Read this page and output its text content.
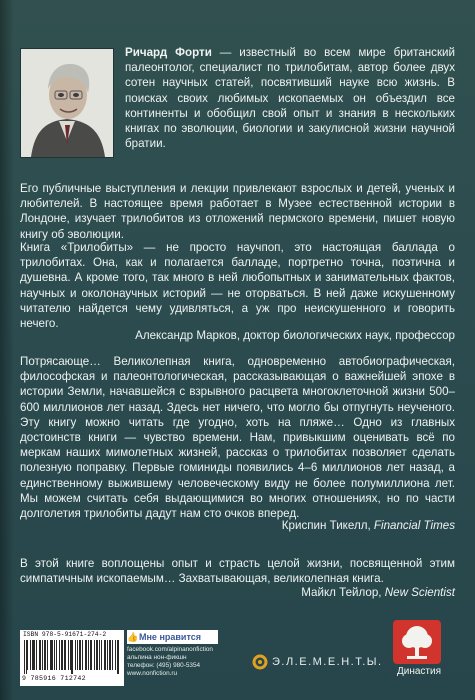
Ричард Форти — известный во всем мире британский палеонтолог, специалист по трилобитам, автор более двух сотен научных статей, посвятивший науке всю жизнь. В поисках своих любимых ископаемых он объездил все континенты и обобщил свой опыт и знания в нескольких книгах по эволюции, биологии и закулисной жизни научной братии.

Его публичные выступления и лекции привлекают взрослых и детей, ученых и любителей. В настоящее время работает в Музее естественной истории в Лондоне, изучает трилобитов из отложений пермского времени, пишет новую книгу об эволюции.

Книга «Трилобиты» — не просто научпоп, это настоящая баллада о трилобитах. Она, как и полагается балладе, портретно точна, поэтична и душевна. А кроме того, так много в ней любопытных и занимательных фактов, научных и околонаучных историй — не оторваться. В ней даже искушенному читателю найдется чему удивляться, а уж про неискушенного и говорить нечего.

Александр Марков, доктор биологических наук, профессор

Потрясающе… Великолепная книга, одновременно автобиографическая, философская и палеонтологическая, рассказывающая о важнейшей эпохе в истории Земли, начавшейся с взрывного расцвета многоклеточной жизни 500–600 миллионов лет назад. Здесь нет ничего, что могло бы отпугнуть неученого. Эту книгу можно читать где угодно, хоть на пляже… Одно из главных достоинств книги — чувство времени. Нам, привыкшим оценивать всё по меркам наших мимолетных жизней, рассказ о трилобитах позволяет сделать полезную поправку. Первые гоминиды появились 4–6 миллионов лет назад, а единственному выжившему человеческому виду не более полумиллиона лет. Мы можем считать себя выдающимися во многих отношениях, но по части долголетия трилобиты дадут нам сто очков вперед.

Криспин Тикелл, Financial Times

В этой книге воплощены опыт и страсть целой жизни, посвященной этим симпатичным ископаемым… Захватывающая, великолепная книга.

Майкл Тейлор, New Scientist
ISBN 978-5-91671-274-2
9 785916 712742
👍Мне нравится
facebook.com/alpinanonfiction
альпина нон-фикшн
телефон: (495) 980-5354
www.nonfiction.ru
Э.Л.Е.М.Е.Н.Т.Ы.
Династия
